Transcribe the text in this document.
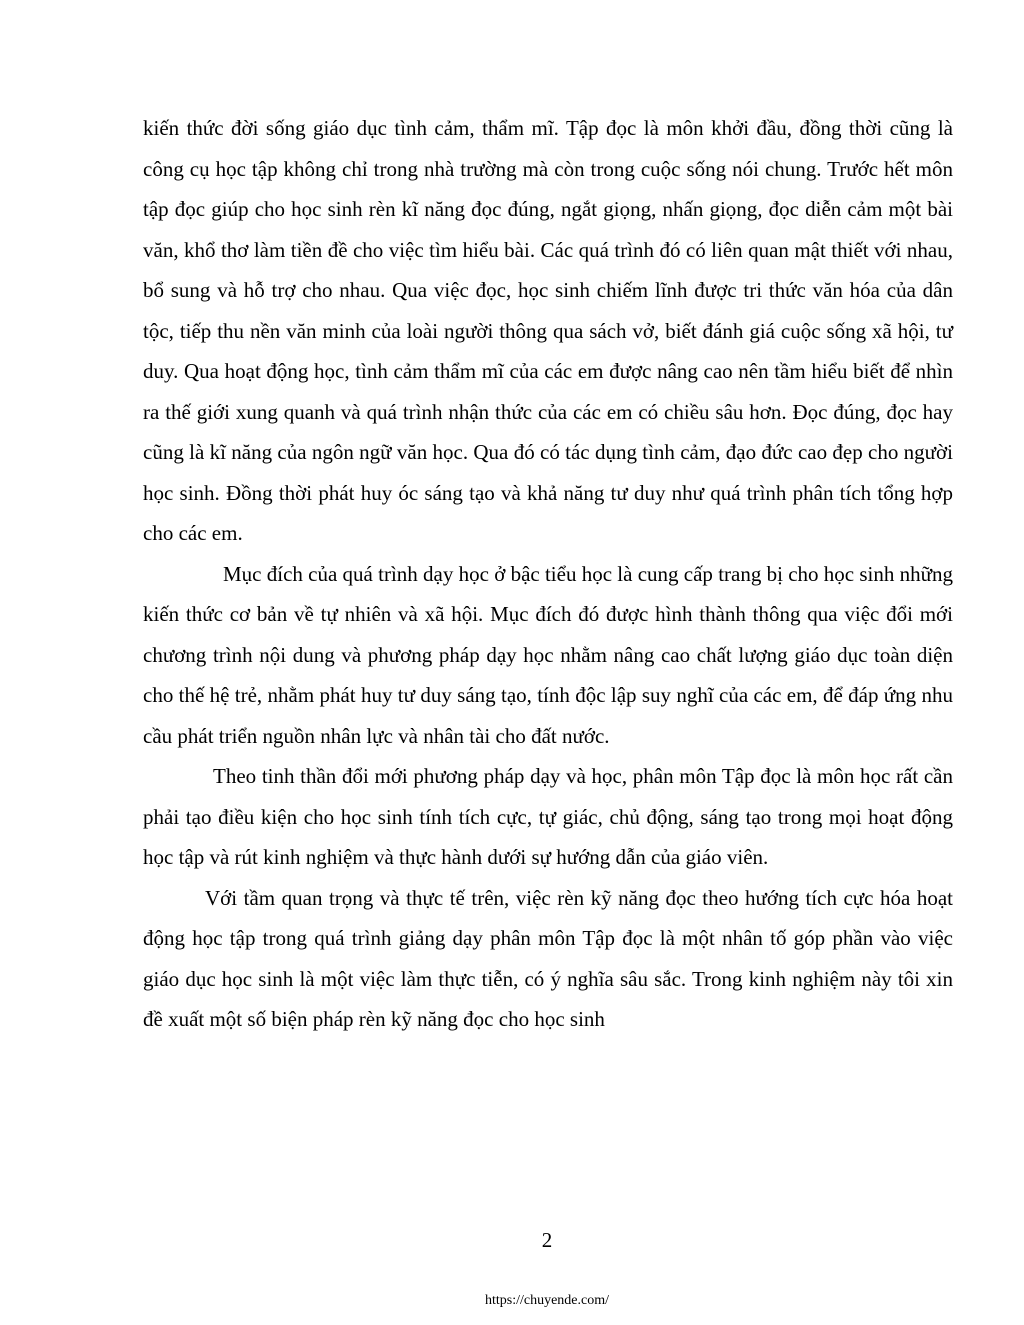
kiến thức đời sống giáo dục tình cảm, thẩm mĩ. Tập đọc là môn khởi đầu, đồng thời cũng là công cụ học tập không chỉ trong nhà trường mà còn trong cuộc sống nói chung. Trước hết môn tập đọc giúp cho học sinh rèn kĩ năng đọc đúng, ngắt giọng, nhấn giọng, đọc diễn cảm một bài văn, khổ thơ làm tiền đề cho việc tìm hiểu bài. Các quá trình đó có liên quan mật thiết với nhau, bổ sung và hỗ trợ cho nhau. Qua việc đọc, học sinh chiếm lĩnh được tri thức văn hóa của dân tộc, tiếp thu nền văn minh của loài người thông qua sách vở, biết đánh giá cuộc sống xã hội, tư duy. Qua hoạt động học, tình cảm thẩm mĩ của các em được nâng cao nên tầm hiểu biết để nhìn ra thế giới xung quanh và quá trình nhận thức của các em có chiều sâu hơn. Đọc đúng, đọc hay cũng là kĩ năng của ngôn ngữ văn học. Qua đó có tác dụng tình cảm, đạo đức cao đẹp cho người học sinh. Đồng thời phát huy óc sáng tạo và khả năng tư duy như quá trình phân tích tổng hợp cho các em.

Mục đích của quá trình dạy học ở bậc tiểu học là cung cấp trang bị cho học sinh những kiến thức cơ bản về tự nhiên và xã hội. Mục đích đó được hình thành thông qua việc đổi mới chương trình nội dung và phương pháp dạy học nhằm nâng cao chất lượng giáo dục toàn diện cho thế hệ trẻ, nhằm phát huy tư duy sáng tạo, tính độc lập suy nghĩ của các em, để đáp ứng nhu cầu phát triển nguồn nhân lực và nhân tài cho đất nước.

Theo tinh thần đổi mới phương pháp dạy và học, phân môn Tập đọc là môn học rất cần phải tạo điều kiện cho học sinh tính tích cực, tự giác, chủ động, sáng tạo trong mọi hoạt động học tập và rút kinh nghiệm và thực hành dưới sự hướng dẫn của giáo viên.

Với tầm quan trọng và thực tế trên, việc rèn kỹ năng đọc theo hướng tích cực hóa hoạt động học tập trong quá trình giảng dạy phân môn Tập đọc là một nhân tố góp phần vào việc giáo dục học sinh là một việc làm thực tiễn, có ý nghĩa sâu sắc. Trong kinh nghiệm này tôi xin đề xuất một số biện pháp rèn kỹ năng đọc cho học sinh

2
https://chuyende.com/
